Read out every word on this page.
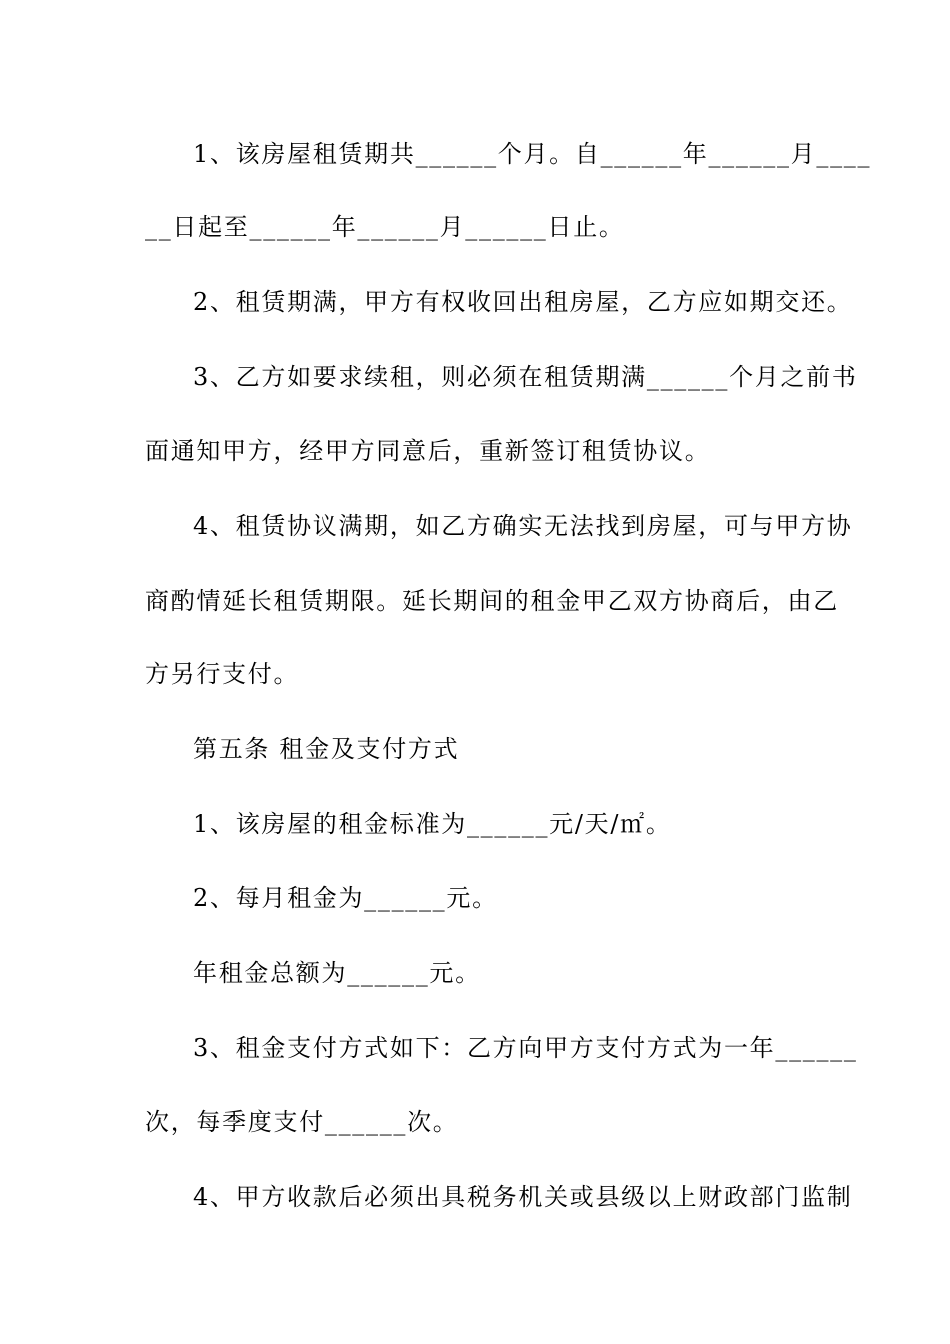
1、该房屋租赁期共______个月。自______年______月____
__日起至______年______月______日止。
2、租赁期满，甲方有权收回出租房屋，乙方应如期交还。
3、乙方如要求续租，则必须在租赁期满______个月之前书
面通知甲方，经甲方同意后，重新签订租赁协议。
4、租赁协议满期，如乙方确实无法找到房屋，可与甲方协
商酌情延长租赁期限。延长期间的租金甲乙双方协商后，由乙
方另行支付。
第五条 租金及支付方式
1、该房屋的租金标准为______元/天/㎡。
2、每月租金为______元。
年租金总额为______元。
3、租金支付方式如下：乙方向甲方支付方式为一年______
次，每季度支付______次。
4、甲方收款后必须出具税务机关或县级以上财政部门监制
